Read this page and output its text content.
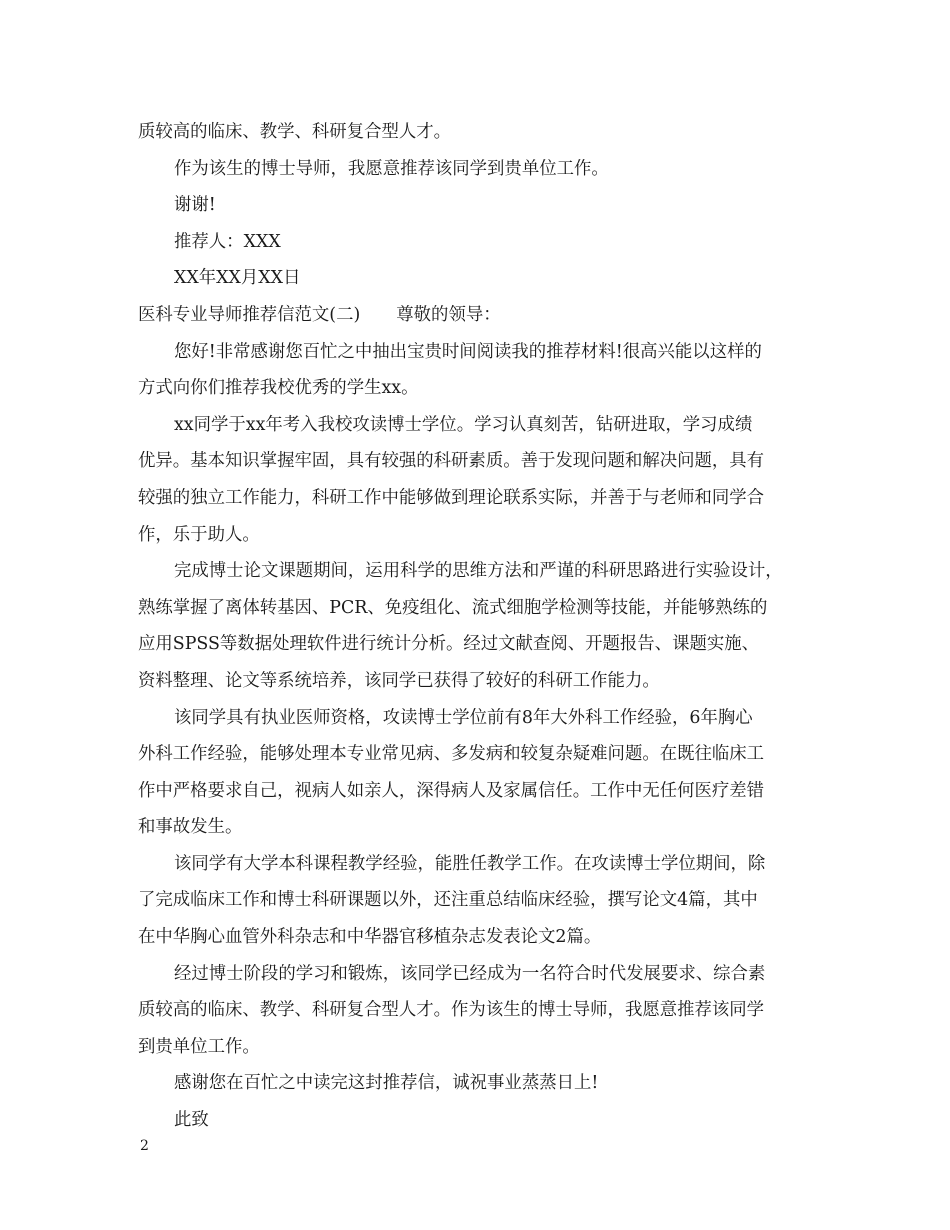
质较高的临床、教学、科研复合型人才。
作为该生的博士导师，我愿意推荐该同学到贵单位工作。
谢谢!
推荐人：XXX
XX年XX月XX日
医科专业导师推荐信范文(二) 尊敬的领导：
您好!非常感谢您百忙之中抽出宝贵时间阅读我的推荐材料!很高兴能以这样的
方式向你们推荐我校优秀的学生xx。
xx同学于xx年考入我校攻读博士学位。学习认真刻苦，钻研进取，学习成绩
优异。基本知识掌握牢固，具有较强的科研素质。善于发现问题和解决问题，具有
较强的独立工作能力，科研工作中能够做到理论联系实际，并善于与老师和同学合
作，乐于助人。
完成博士论文课题期间，运用科学的思维方法和严谨的科研思路进行实验设计，
熟练掌握了离体转基因、PCR、免疫组化、流式细胞学检测等技能，并能够熟练的
应用SPSS等数据处理软件进行统计分析。经过文献查阅、开题报告、课题实施、
资料整理、论文等系统培养，该同学已获得了较好的科研工作能力。
该同学具有执业医师资格，攻读博士学位前有8年大外科工作经验，6年胸心
外科工作经验，能够处理本专业常见病、多发病和较复杂疑难问题。在既往临床工
作中严格要求自己，视病人如亲人，深得病人及家属信任。工作中无任何医疗差错
和事故发生。
该同学有大学本科课程教学经验，能胜任教学工作。在攻读博士学位期间，除
了完成临床工作和博士科研课题以外，还注重总结临床经验，撰写论文4篇，其中
在中华胸心血管外科杂志和中华器官移植杂志发表论文2篇。
经过博士阶段的学习和锻炼，该同学已经成为一名符合时代发展要求、综合素
质较高的临床、教学、科研复合型人才。作为该生的博士导师，我愿意推荐该同学
到贵单位工作。
感谢您在百忙之中读完这封推荐信，诚祝事业蒸蒸日上!
此致
2
